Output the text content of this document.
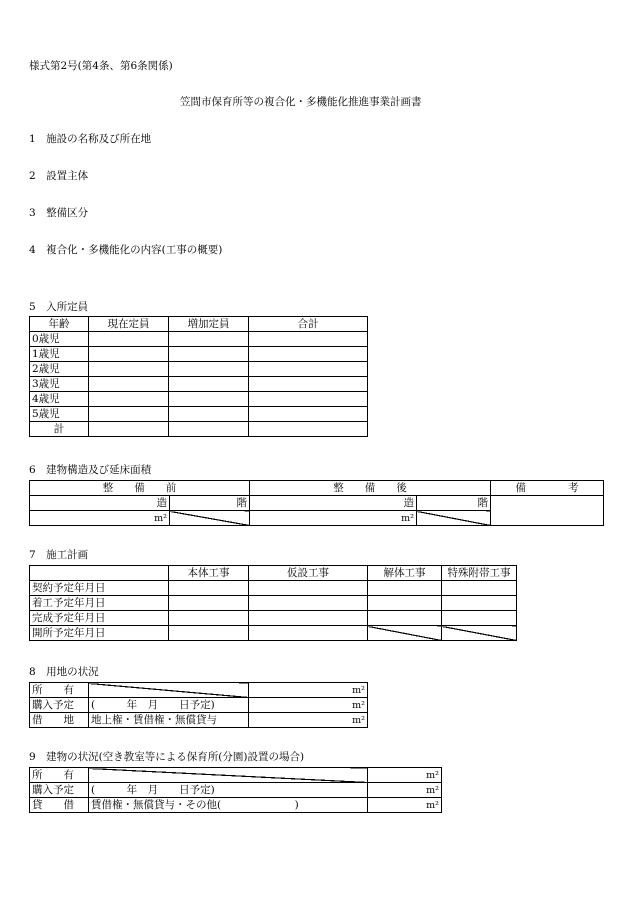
様式第2号(第4条、第6条関係)
笠間市保育所等の複合化・多機能化推進事業計画書
1　施設の名称及び所在地
2　設置主体
3　整備区分
4　複合化・多機能化の内容(工事の概要)
5　入所定員
年齢	現在定員	増加定員	合計
0歳児			
1歳児			
2歳児			
3歳児			
4歳児			
5歳児			
計			
6　建物構造及び延床面積
整　　備　　前		整　　備　　後		備　　　　考
造	階	造	階	
m²		m²		
7　施工計画
	本体工事	仮設工事	解体工事	特殊附帯工事
契約予定年月日				
着工予定年月日				
完成予定年月日				
開所予定年月日				
8　用地の状況
所　　有		m²
購入予定	(　　　年　月　　日予定)	m²
借　　地	地上権・賃借権・無償貸与	m²
9　建物の状況(空き教室等による保育所(分園)設置の場合)
所　　有		m²
購入予定	(　　　年　月　　日予定)	m²
貸　　借	賃借権・無償貸与・その他(　　　　　　　)	m²
